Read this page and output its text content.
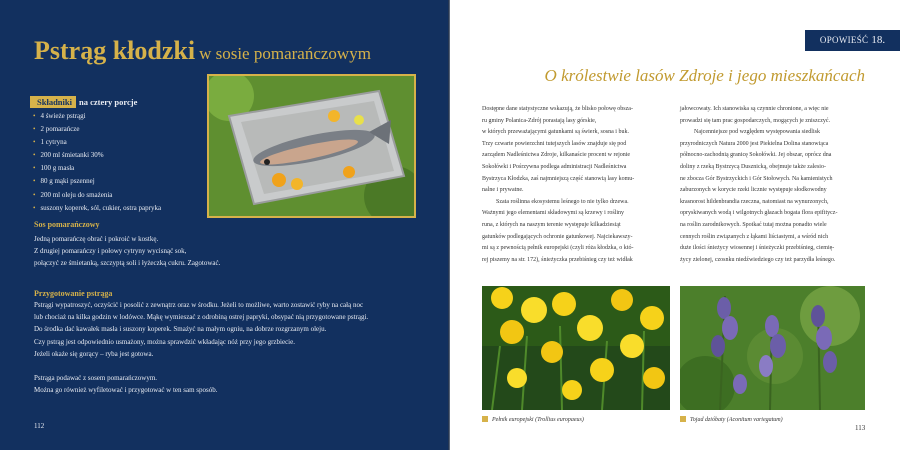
Pstrąg kłodzki w sosie pomarańczowym
Składniki na cztery porcje
• 4 świeże pstrągi
• 2 pomarańcze
• 1 cytryna
• 200 ml śmietanki 30%
• 100 g masła
• 80 g mąki pszennej
• 200 ml oleju do smażenia
• suszony koperek, sól, cukier, ostra papryka
Sos pomarańczowy

Jedną pomarańczę obrać i pokroić w kostkę.

Z drugiej pomarańczy i połowy cytryny wycisnąć sok,

połączyć ze śmietanką, szczyptą soli i łyżeczką cukru. Zagotować.

Przygotowanie pstrąga

Pstrągi wypatroszyć, oczyścić i posolić z zewnątrz oraz w środku. Jeżeli to możliwe, warto zostawić ryby na całą noc

lub chociaż na kilka godzin w lodówce. Mąkę wymieszać z odrobiną ostrej papryki, obsypać nią przygotowane pstrągi.

Do środka dać kawałek masła i suszony koperek. Smażyć na małym ogniu, na dobrze rozgrzanym oleju.

Czy pstrąg jest odpowiednio usmażony, można sprawdzić wkładając nóż przy jego grzbiecie.

Jeżeli okaże się gorący – ryba jest gotowa.

Pstrąga podawać z sosem pomarańczowym.

Można go również wyfiletować i przygotować w ten sam sposób.

112
OPOWIEŚĆ 18.
O królestwie lasów Zdroje i jego mieszkańcach

Dostępne dane statystyczne wskazują, że blisko połowę obsza-

ru gminy Polanica-Zdrój porastają lasy górskie,

w których przeważającymi gatunkami są świerk, sosna i buk.

Trzy czwarte powierzchni tutejszych lasów znajduje się pod

zarządem Nadleśnictwa Zdroje, kilkanaście procent w rejonie

Sokołówki i Pośrzywna podlega administracji Nadleśnictwa

Bystrzyca Kłodzka, zaś najmniejszą część stanowią lasy komu-

nalne i prywatne.

Szata roślinna ekosystemu leśnego to nie tylko drzewa.

Ważnymi jego elementami składowymi są krzewy i rośliny

runa, z których na naszym terenie występuje kilkadziesiąt

gatunków podlegających ochronie gatunkowej. Najciekawszy-

mi są z pewnością pełnik europejski (czyli róża kłodzka, o któ-

rej piszemy na str. 172), śnieżyczka przebiśnieg czy też widłak

jałowcowaty. Ich stanowiska są czynnie chronione, a więc nie

prowadzi się tam prac gospodarczych, mogących je zniszczyć.

Najcenniejsze pod względem występowania siedlisk

przyrodniczych Natura 2000 jest Piekielna Dolina stanowiąca

północno-zachodnią granicę Sokołówki. Jej obszar, oprócz dna

doliny z rzeką Bystrzycą Dusznicką, obejmuje także zalesio-

ne zbocza Gór Bystrzyckich i Gór Stołowych. Na kamienistych

zaburzonych w korycie rzeki licznie występuje słodkowodny

krasnorost hildenbrandia rzeczna, natomiast na wynurzonych,

opryskiwanych wodą i wilgotnych głazach bogata flora epifitycz-

na roślin zarodnikowych. Spotkać tutaj można ponadto wiele

cennych roślin związanych z łąkami liściastymi, a wśród nich

duże ilości śnieżycy wiosennej i śnieżyczki przebiśnieg, ciemię-

życy zielonej, czosnku niedźwiedziego czy też parzydła leśnego.

Pełnik europejski (Trollius europaeus)	Tojad dzióbaty (Aconitum variegatum)
113
